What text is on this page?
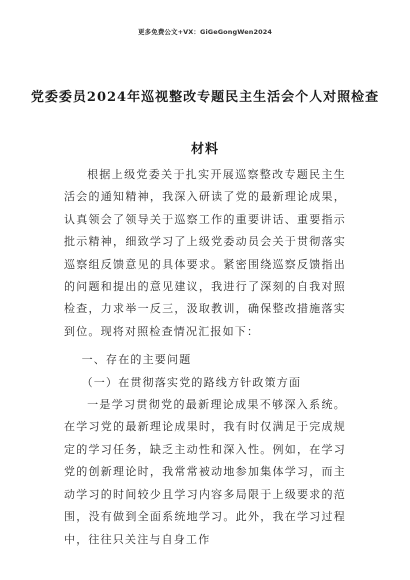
更多免费公文+VX：GiGeGongWen2024
党委委员2024年巡视整改专题民主生活会个人对照检查材料

根据上级党委关于扎实开展巡察整改专题民主生活会的通知精神，我深入研读了党的最新理论成果，认真领会了领导关于巡察工作的重要讲话、重要指示批示精神，细致学习了上级党委动员会关于贯彻落实巡察组反馈意见的具体要求。紧密围绕巡察反馈指出的问题和提出的意见建议，我进行了深刻的自我对照检查，力求举一反三，汲取教训，确保整改措施落实到位。现将对照检查情况汇报如下：

一、存在的主要问题

（一）在贯彻落实党的路线方针政策方面

一是学习贯彻党的最新理论成果不够深入系统。在学习党的最新理论成果时，我有时仅满足于完成规定的学习任务，缺乏主动性和深入性。例如，在学习党的创新理论时，我常常被动地参加集体学习，而主动学习的时间较少且学习内容多局限于上级要求的范围，没有做到全面系统地学习。此外，我在学习过程中，往往只关注与自身工作
